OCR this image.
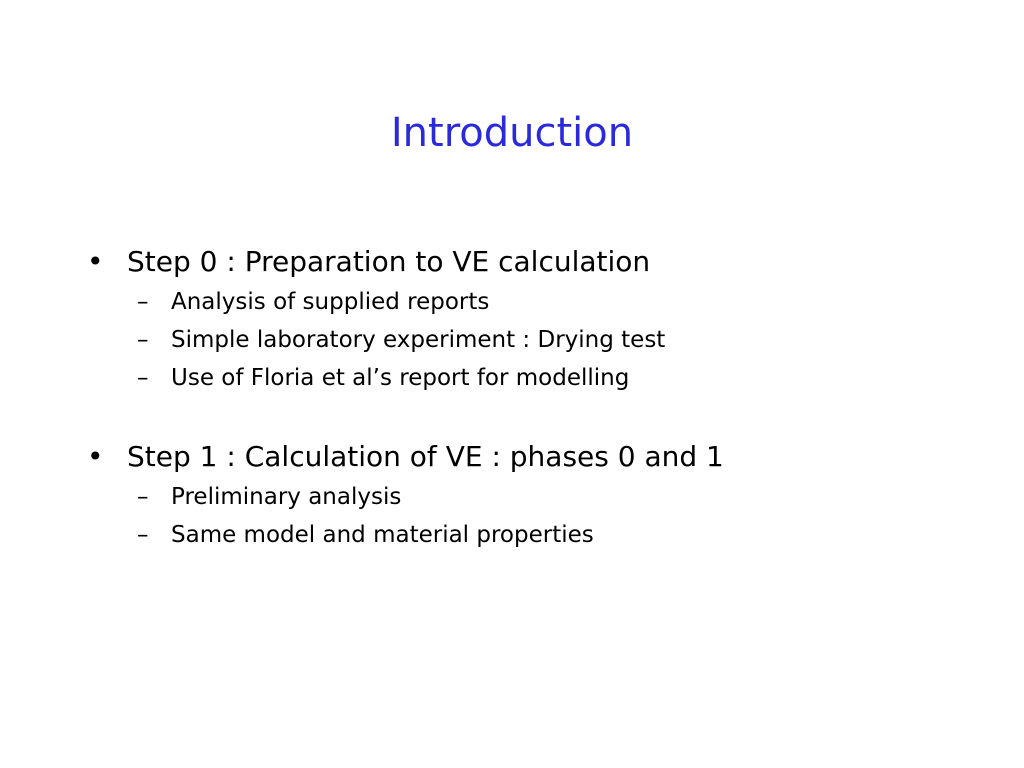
Introduction
• Step 0 : Preparation to VE calculation
– Analysis of supplied reports
– Simple laboratory experiment : Drying test
– Use of Floria et al’s report for modelling
• Step 1 : Calculation of VE : phases 0 and 1
– Preliminary analysis
– Same model and material properties
